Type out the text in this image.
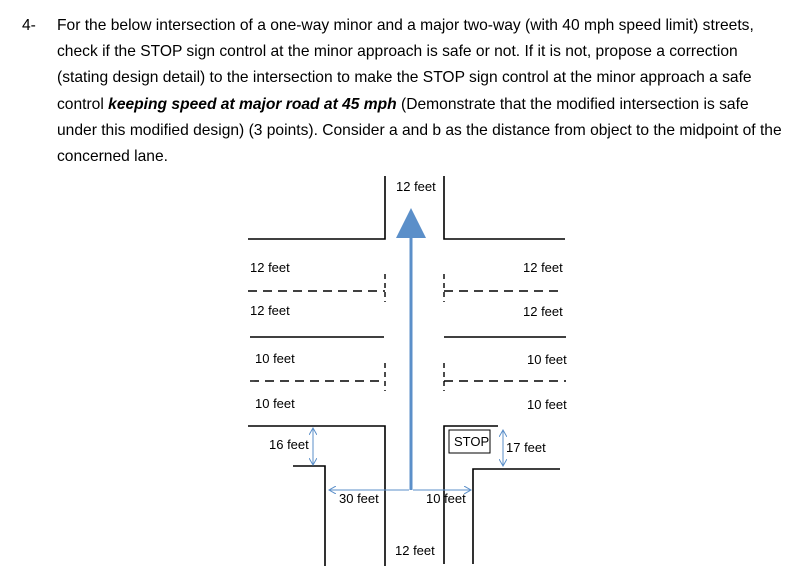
4- For the below intersection of a one-way minor and a major two-way (with 40 mph speed limit) streets, check if the STOP sign control at the minor approach is safe or not. If it is not, propose a correction (stating design detail) to the intersection to make the STOP sign control at the minor approach a safe control keeping speed at major road at 45 mph (Demonstrate that the modified intersection is safe under this modified design) (3 points). Consider a and b as the distance from object to the midpoint of the concerned lane.
12 feet
12 feet	12 feet
12 feet	12 feet
10 feet	10 feet
10 feet	10 feet
16 feet	STOP 17 feet
30 feet	10 feet
12 feet
